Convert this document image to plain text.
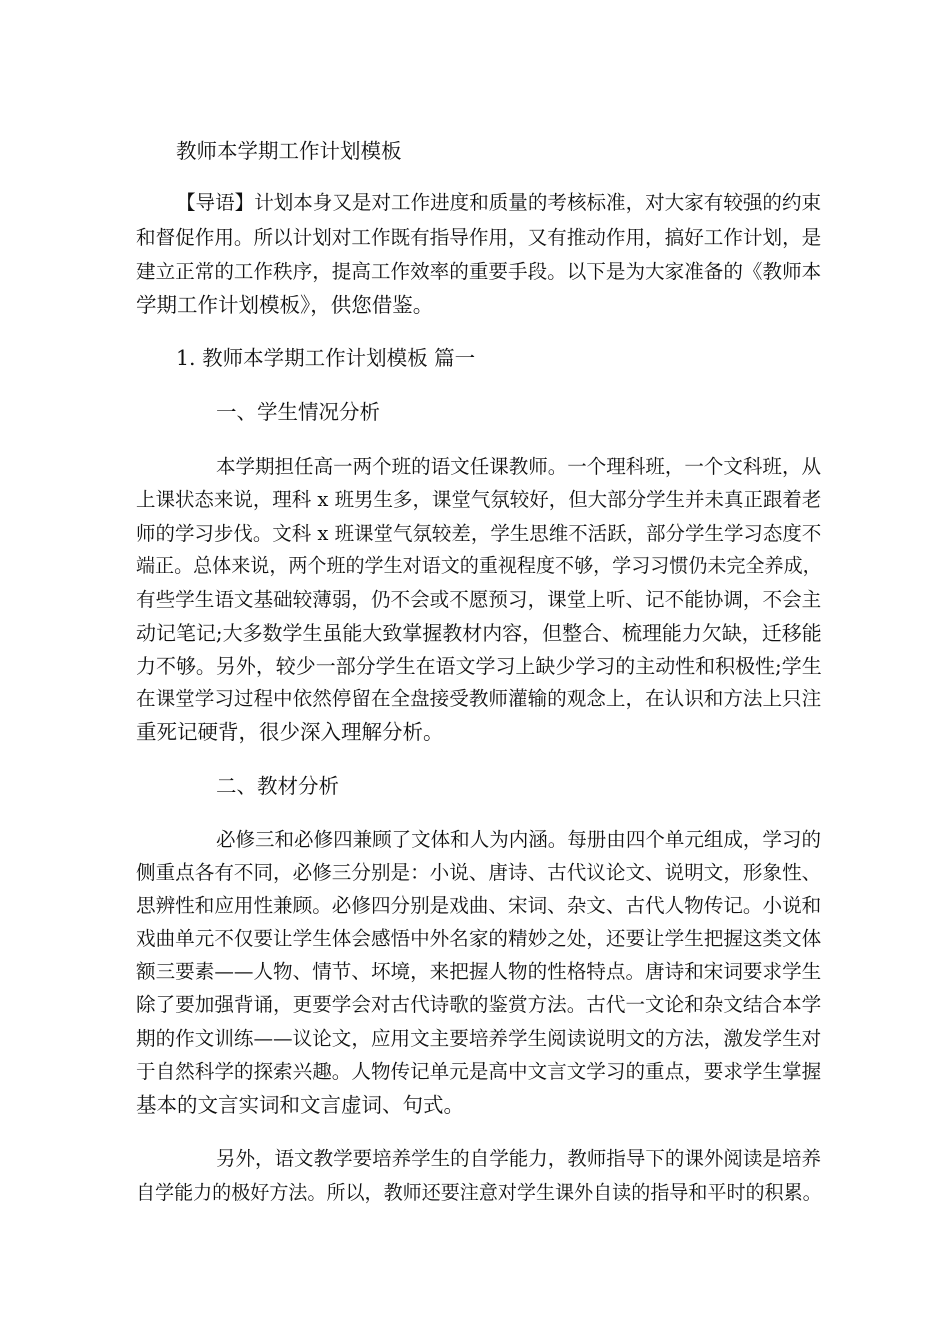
教师本学期工作计划模板
【导语】计划本身又是对工作进度和质量的考核标准，对大家有较强的约束
和督促作用。所以计划对工作既有指导作用，又有推动作用，搞好工作计划，是
建立正常的工作秩序，提高工作效率的重要手段。以下是为大家准备的《教师本
学期工作计划模板》，供您借鉴。
1. 教师本学期工作计划模板 篇一
一、学生情况分析
本学期担任高一两个班的语文任课教师。一个理科班，一个文科班，从
上课状态来说，理科 x 班男生多，课堂气氛较好，但大部分学生并未真正跟着老
师的学习步伐。文科 x 班课堂气氛较差，学生思维不活跃，部分学生学习态度不
端正。总体来说，两个班的学生对语文的重视程度不够，学习习惯仍未完全养成，
有些学生语文基础较薄弱，仍不会或不愿预习，课堂上听、记不能协调，不会主
动记笔记;大多数学生虽能大致掌握教材内容，但整合、梳理能力欠缺，迁移能
力不够。另外，较少一部分学生在语文学习上缺少学习的主动性和积极性;学生
在课堂学习过程中依然停留在全盘接受教师灌输的观念上，在认识和方法上只注
重死记硬背，很少深入理解分析。
二、教材分析
必修三和必修四兼顾了文体和人为内涵。每册由四个单元组成，学习的
侧重点各有不同，必修三分别是：小说、唐诗、古代议论文、说明文，形象性、
思辨性和应用性兼顾。必修四分别是戏曲、宋词、杂文、古代人物传记。小说和
戏曲单元不仅要让学生体会感悟中外名家的精妙之处，还要让学生把握这类文体
额三要素——人物、情节、坏境，来把握人物的性格特点。唐诗和宋词要求学生
除了要加强背诵，更要学会对古代诗歌的鉴赏方法。古代一文论和杂文结合本学
期的作文训练——议论文，应用文主要培养学生阅读说明文的方法，激发学生对
于自然科学的探索兴趣。人物传记单元是高中文言文学习的重点，要求学生掌握
基本的文言实词和文言虚词、句式。
另外，语文教学要培养学生的自学能力，教师指导下的课外阅读是培养
自学能力的极好方法。所以，教师还要注意对学生课外自读的指导和平时的积累。
